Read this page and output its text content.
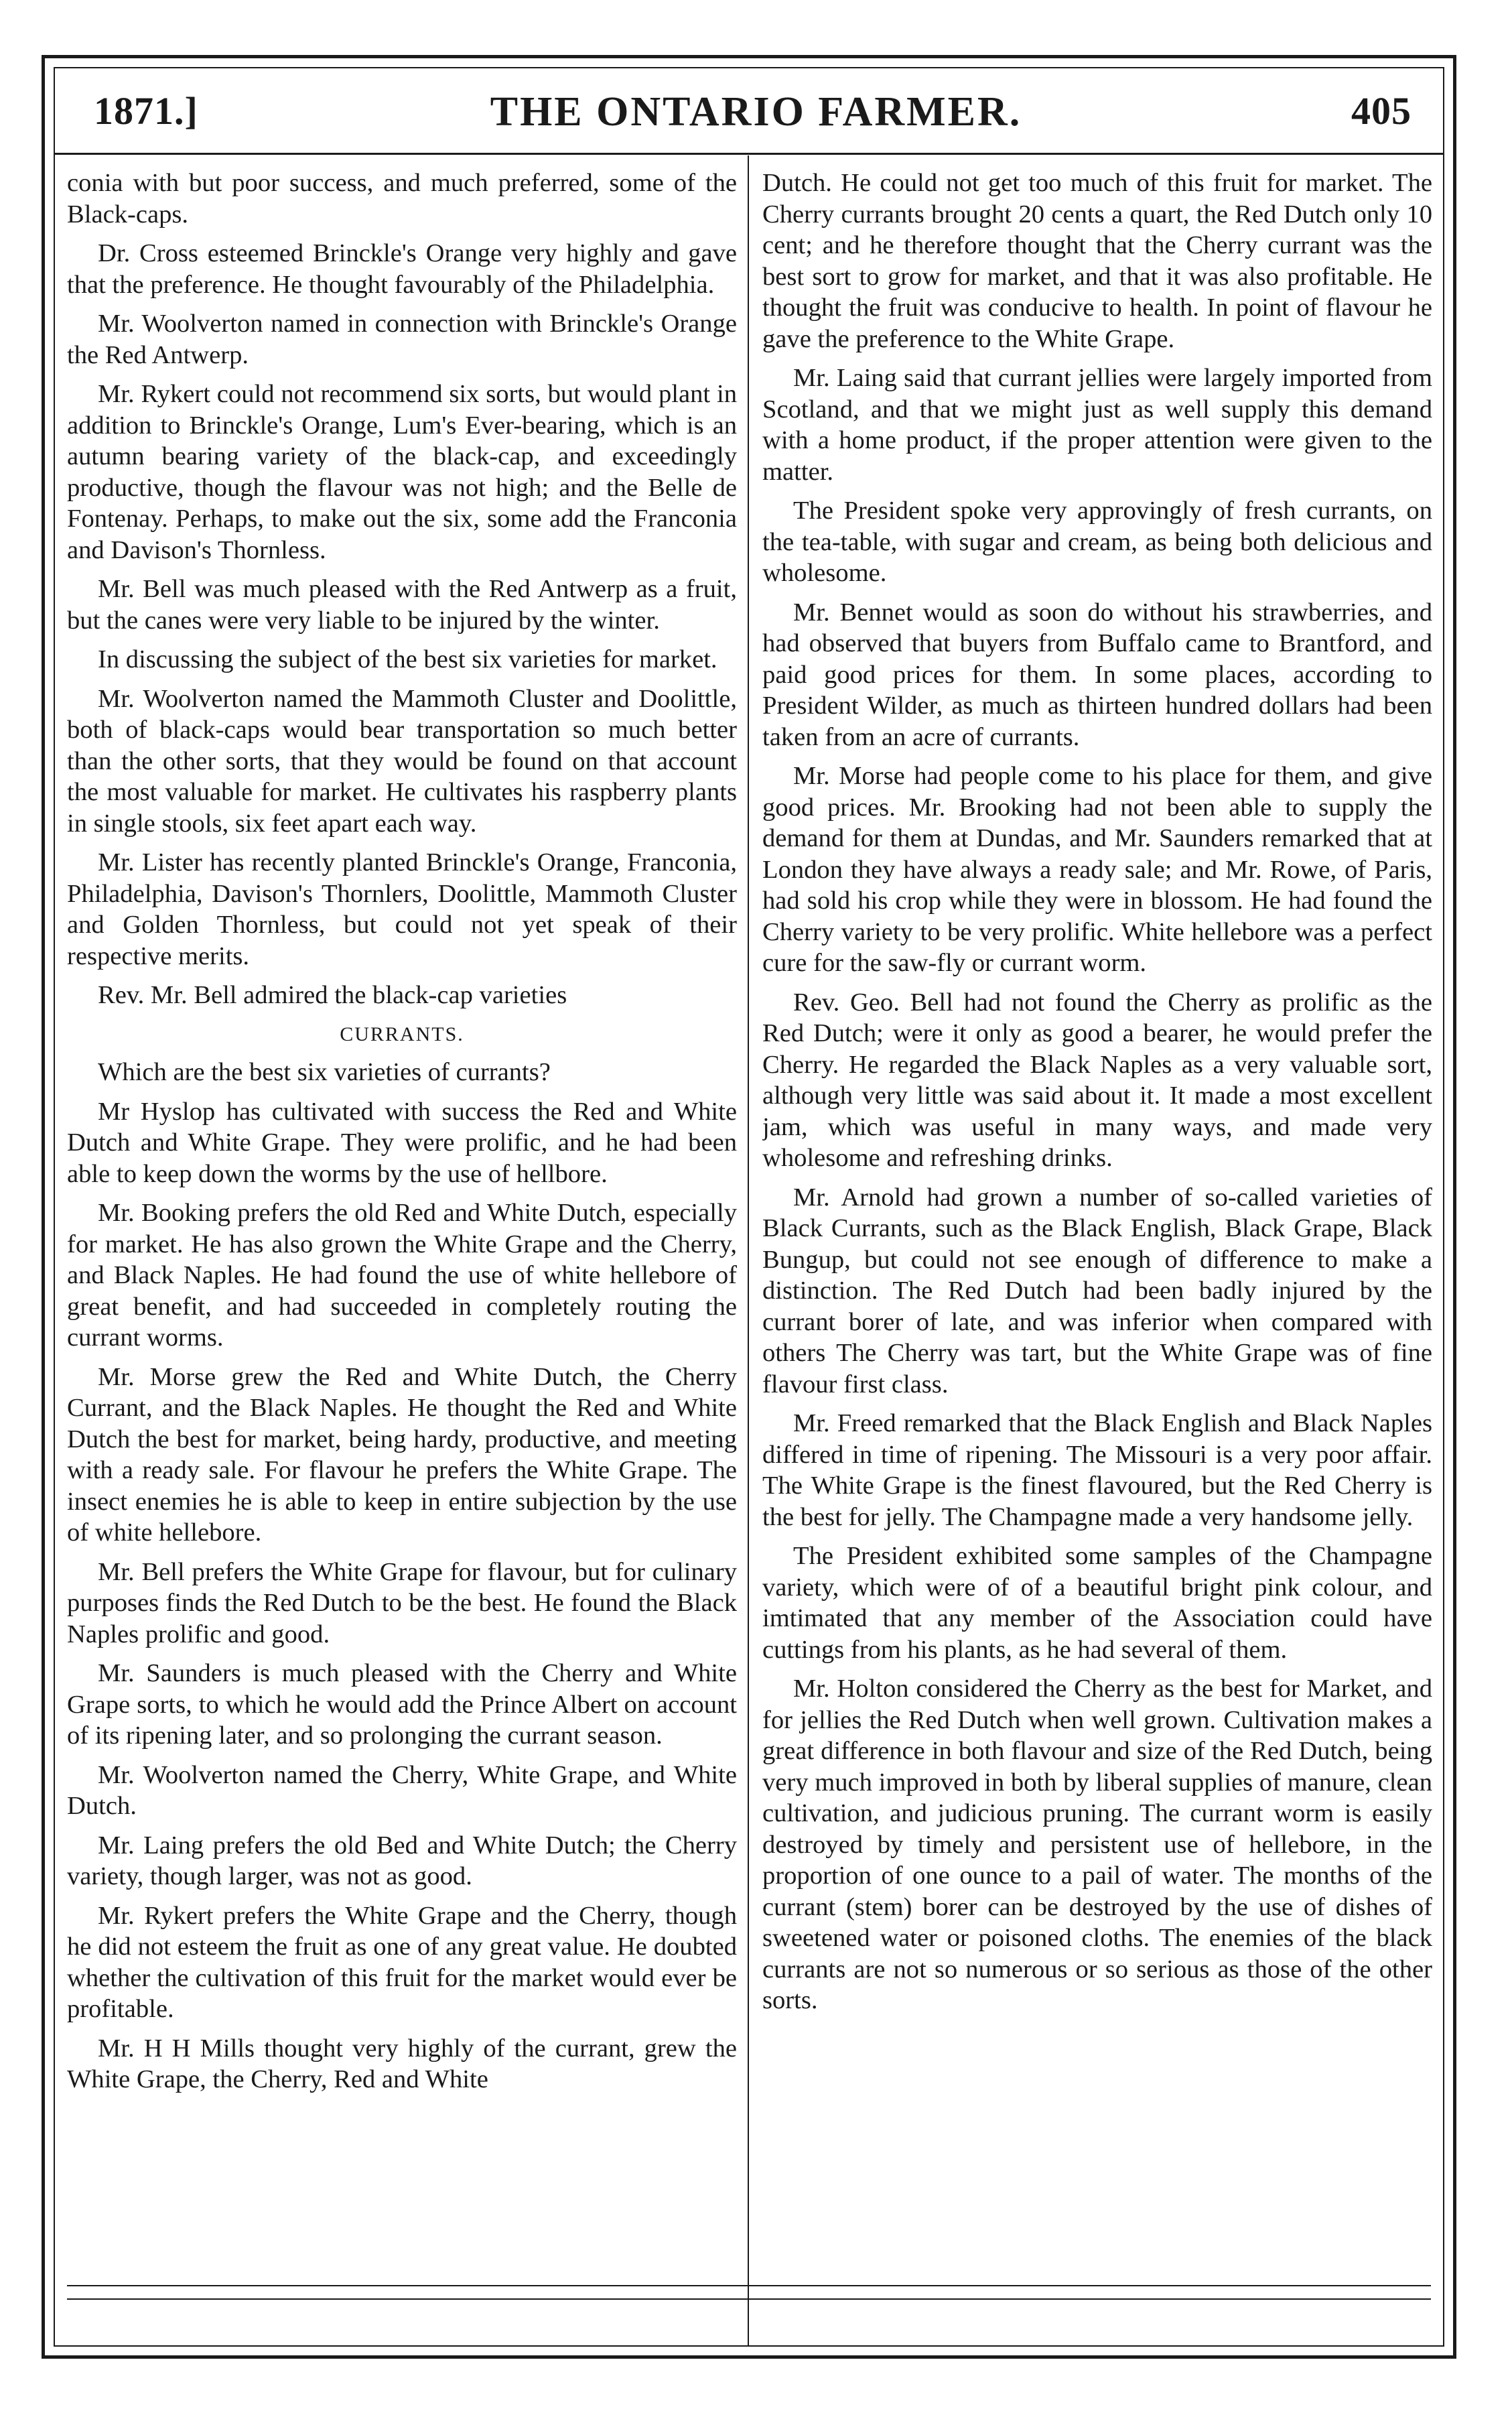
THE ONTARIO FARMER.
1871.]	405

conia with but poor success, and much preferred, some of the Black-caps.

Dr. Cross esteemed Brinckle's Orange very highly and gave that the preference. He thought favourably of the Philadelphia.

Mr. Woolverton named in connection with Brinckle's Orange the Red Antwerp.

Mr. Rykert could not recommend six sorts, but would plant in addition to Brinckle's Orange, Lum's Ever-bearing, which is an autumn bearing variety of the black-cap, and exceedingly productive, though the flavour was not high; and the Belle de Fontenay. Perhaps, to make out the six, some add the Franconia and Davison's Thornless.

Mr. Bell was much pleased with the Red Antwerp as a fruit, but the canes were very liable to be injured by the winter.

In discussing the subject of the best six varieties for market.

Mr. Woolverton named the Mammoth Cluster and Doolittle, both of black-caps would bear transportation so much better than the other sorts, that they would be found on that account the most valuable for market. He cultivates his raspberry plants in single stools, six feet apart each way.

Mr. Lister has recently planted Brinckle's Orange, Franconia, Philadelphia, Davison's Thornlers, Doolittle, Mammoth Cluster and Golden Thornless, but could not yet speak of their respective merits.

Rev. Mr. Bell admired the black-cap varieties

CURRANTS.

Which are the best six varieties of currants?

Mr Hyslop has cultivated with success the Red and White Dutch and White Grape. They were prolific, and he had been able to keep down the worms by the use of hellbore.

Mr. Booking prefers the old Red and White Dutch, especially for market. He has also grown the White Grape and the Cherry, and Black Naples. He had found the use of white hellebore of great benefit, and had succeeded in completely routing the currant worms.

Mr. Morse grew the Red and White Dutch, the Cherry Currant, and the Black Naples. He thought the Red and White Dutch the best for market, being hardy, productive, and meeting with a ready sale. For flavour he prefers the White Grape. The insect enemies he is able to keep in entire subjection by the use of white hellebore.

Mr. Bell prefers the White Grape for flavour, but for culinary purposes finds the Red Dutch to be the best. He found the Black Naples prolific and good.

Mr. Saunders is much pleased with the Cherry and White Grape sorts, to which he would add the Prince Albert on account of its ripening later, and so prolonging the currant season.

Mr. Woolverton named the Cherry, White Grape, and White Dutch.

Mr. Laing prefers the old Bed and White Dutch; the Cherry variety, though larger, was not as good.

Mr. Rykert prefers the White Grape and the Cherry, though he did not esteem the fruit as one of any great value. He doubted whether the cultivation of this fruit for the market would ever be profitable.

Mr. H H Mills thought very highly of the currant, grew the White Grape, the Cherry, Red and White

Dutch. He could not get too much of this fruit for market. The Cherry currants brought 20 cents a quart, the Red Dutch only 10 cent; and he therefore thought that the Cherry currant was the best sort to grow for market, and that it was also profitable. He thought the fruit was conducive to health. In point of flavour he gave the preference to the White Grape.

Mr. Laing said that currant jellies were largely imported from Scotland, and that we might just as well supply this demand with a home product, if the proper attention were given to the matter.

The President spoke very approvingly of fresh currants, on the tea-table, with sugar and cream, as being both delicious and wholesome.

Mr. Bennet would as soon do without his strawberries, and had observed that buyers from Buffalo came to Brantford, and paid good prices for them. In some places, according to President Wilder, as much as thirteen hundred dollars had been taken from an acre of currants.

Mr. Morse had people come to his place for them, and give good prices. Mr. Brooking had not been able to supply the demand for them at Dundas, and Mr. Saunders remarked that at London they have always a ready sale; and Mr. Rowe, of Paris, had sold his crop while they were in blossom. He had found the Cherry variety to be very prolific. White hellebore was a perfect cure for the saw-fly or currant worm.

Rev. Geo. Bell had not found the Cherry as prolific as the Red Dutch; were it only as good a bearer, he would prefer the Cherry. He regarded the Black Naples as a very valuable sort, although very little was said about it. It made a most excellent jam, which was useful in many ways, and made very wholesome and refreshing drinks.

Mr. Arnold had grown a number of so-called varieties of Black Currants, such as the Black English, Black Grape, Black Bungup, but could not see enough of difference to make a distinction. The Red Dutch had been badly injured by the currant borer of late, and was inferior when compared with others The Cherry was tart, but the White Grape was of fine flavour first class.

Mr. Freed remarked that the Black English and Black Naples differed in time of ripening. The Missouri is a very poor affair. The White Grape is the finest flavoured, but the Red Cherry is the best for jelly. The Champagne made a very handsome jelly.

The President exhibited some samples of the Champagne variety, which were of of a beautiful bright pink colour, and imtimated that any member of the Association could have cuttings from his plants, as he had several of them.

Mr. Holton considered the Cherry as the best for Market, and for jellies the Red Dutch when well grown. Cultivation makes a great difference in both flavour and size of the Red Dutch, being very much improved in both by liberal supplies of manure, clean cultivation, and judicious pruning. The currant worm is easily destroyed by timely and persistent use of hellebore, in the proportion of one ounce to a pail of water. The months of the currant (stem) borer can be destroyed by the use of dishes of sweetened water or poisoned cloths. The enemies of the black currants are not so numerous or so serious as those of the other sorts.
